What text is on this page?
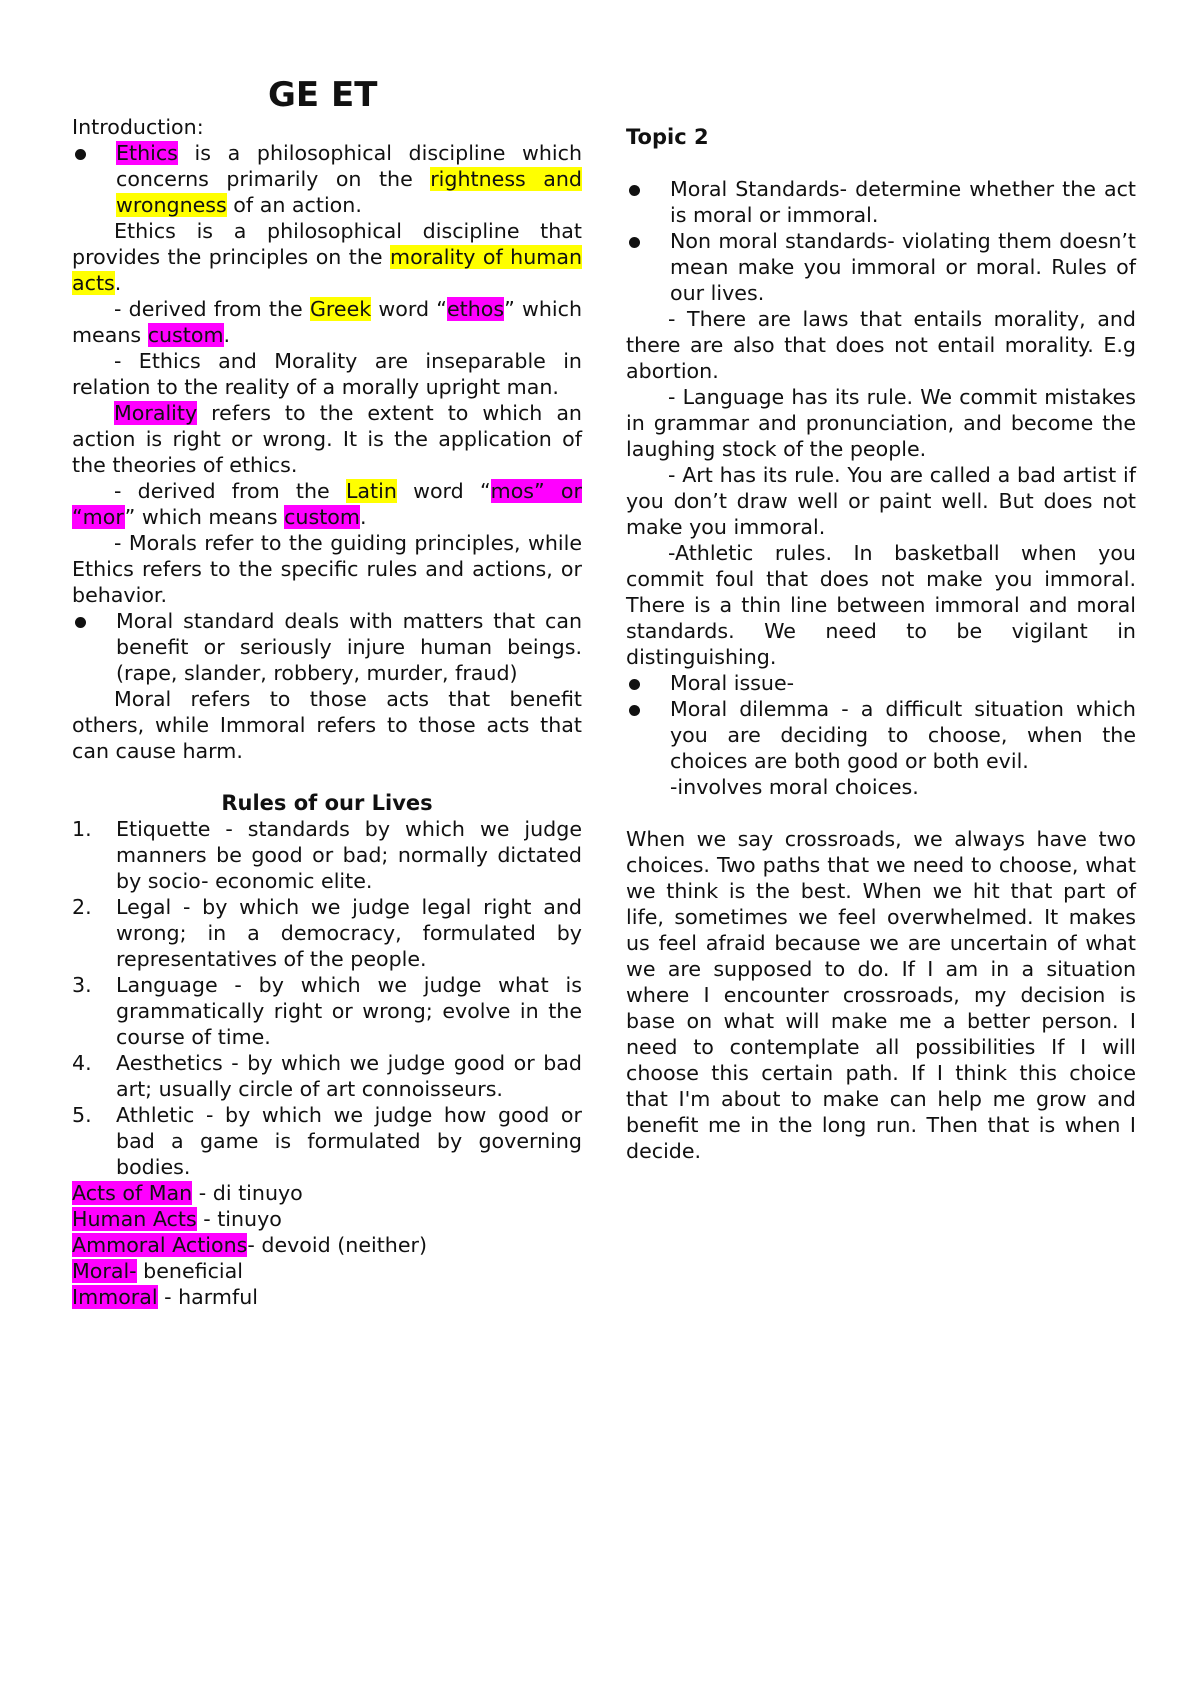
GE ET

Introduction:

Ethics is a philosophical discipline which concerns primarily on the rightness and wrongness of an action.

Ethics is a philosophical discipline that provides the principles on the morality of human acts.

- derived from the Greek word “ethos” which means custom.

- Ethics and Morality are inseparable in relation to the reality of a morally upright man.

Morality refers to the extent to which an action is right or wrong. It is the application of the theories of ethics.

- derived from the Latin word “mos” or “mor” which means custom.

- Morals refer to the guiding principles, while Ethics refers to the specific rules and actions, or behavior.

Moral standard deals with matters that can benefit or seriously injure human beings. (rape, slander, robbery, murder, fraud)

Moral refers to those acts that benefit others, while Immoral refers to those acts that can cause harm.

Rules of our Lives

1. Etiquette - standards by which we judge manners be good or bad; normally dictated by socio- economic elite.

2. Legal - by which we judge legal right and wrong; in a democracy, formulated by representatives of the people.

3. Language - by which we judge what is grammatically right or wrong; evolve in the course of time.

4. Aesthetics - by which we judge good or bad art; usually circle of art connoisseurs.

5. Athletic - by which we judge how good or bad a game is formulated by governing bodies.

Acts of Man - di tinuyo

Human Acts - tinuyo

Ammoral Actions- devoid (neither)

Moral- beneficial

Immoral - harmful

Topic 2

Moral Standards- determine whether the act is moral or immoral.

Non moral standards- violating them doesn’t mean make you immoral or moral. Rules of our lives.

- There are laws that entails morality, and there are also that does not entail morality. E.g abortion.

- Language has its rule. We commit mistakes in grammar and pronunciation, and become the laughing stock of the people.

- Art has its rule. You are called a bad artist if you don’t draw well or paint well. But does not make you immoral.

-Athletic rules. In basketball when you commit foul that does not make you immoral. There is a thin line between immoral and moral standards. We need to be vigilant in distinguishing.

Moral issue-

Moral dilemma - a difficult situation which you are deciding to choose, when the choices are both good or both evil.

-involves moral choices.

When we say crossroads, we always have two choices. Two paths that we need to choose, what we think is the best. When we hit that part of life, sometimes we feel overwhelmed. It makes us feel afraid because we are uncertain of what we are supposed to do. If I am in a situation where I encounter crossroads, my decision is base on what will make me a better person. I need to contemplate all possibilities If I will choose this certain path. If I think this choice that I'm about to make can help me grow and benefit me in the long run. Then that is when I decide.
